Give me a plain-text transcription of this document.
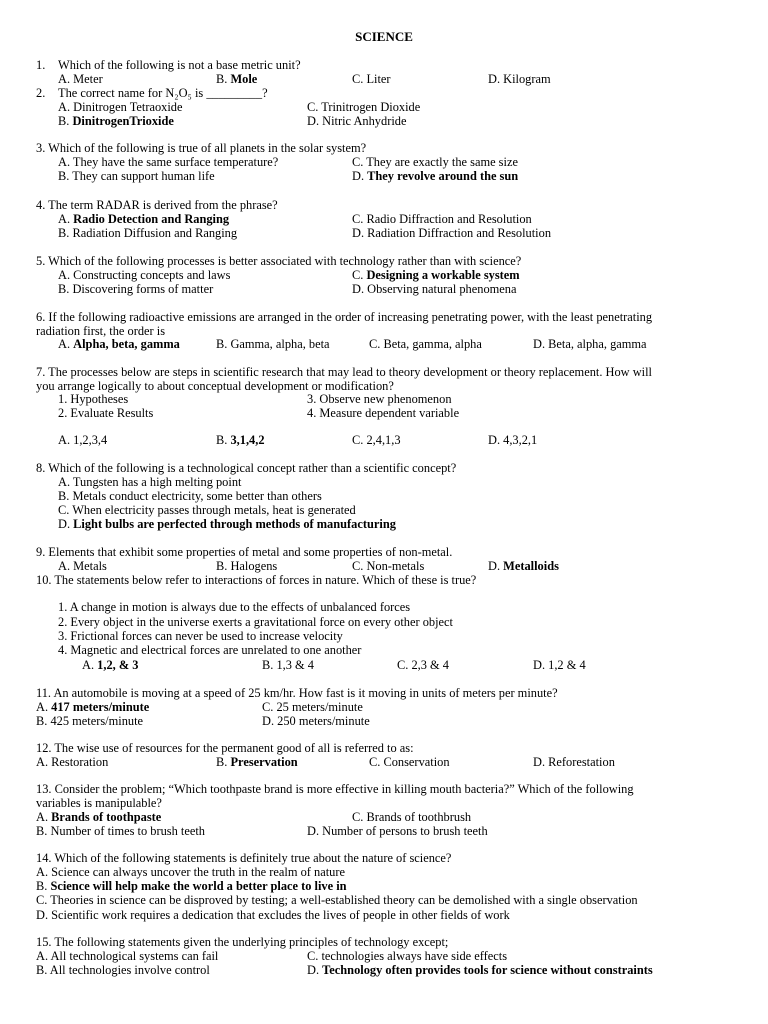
SCIENCE
1. Which of the following is not a base metric unit?
A. Meter	B. Mole	C. Liter	D. Kilogram
2. The correct name for N₂O₅ is _________?
A. Dinitrogen Tetraoxide	C. Trinitrogen Dioxide
B. DinitrogenTrioxide	D. Nitric Anhydride
3. Which of the following is true of all planets in the solar system?
A. They have the same surface temperature?	C. They are exactly the same size
B. They can support human life	D. They revolve around the sun
4. The term RADAR is derived from the phrase?
A. Radio Detection and Ranging	C. Radio Diffraction and Resolution
B. Radiation Diffusion and Ranging	D. Radiation Diffraction and Resolution
5. Which of the following processes is better associated with technology rather than with science?
A. Constructing concepts and laws	C. Designing a workable system
B. Discovering forms of matter	D. Observing natural phenomena
6. If the following radioactive emissions are arranged in the order of increasing penetrating power, with the least penetrating
radiation first, the order is
A. Alpha, beta, gamma	B. Gamma, alpha, beta	C. Beta, gamma, alpha	D. Beta, alpha, gamma
7. The processes below are steps in scientific research that may lead to theory development or theory replacement. How will
you arrange logically to about conceptual development or modification?
1. Hypotheses	3. Observe new phenomenon
2. Evaluate Results	4. Measure dependent variable
A. 1,2,3,4	B. 3,1,4,2	C. 2,4,1,3	D. 4,3,2,1
8. Which of the following is a technological concept rather than a scientific concept?
A. Tungsten has a high melting point
B. Metals conduct electricity, some better than others
C. When electricity passes through metals, heat is generated
D. Light bulbs are perfected through methods of manufacturing
9. Elements that exhibit some properties of metal and some properties of non-metal.
A. Metals	B. Halogens	C. Non-metals	D. Metalloids
10. The statements below refer to interactions of forces in nature. Which of these is true?
1. A change in motion is always due to the effects of unbalanced forces
2. Every object in the universe exerts a gravitational force on every other object
3. Frictional forces can never be used to increase velocity
4. Magnetic and electrical forces are unrelated to one another
A. 1,2, & 3	B. 1,3 & 4	C. 2,3 & 4	D. 1,2 & 4
11. An automobile is moving at a speed of 25 km/hr. How fast is it moving in units of meters per minute?
A. 417 meters/minute	C. 25 meters/minute
B. 425 meters/minute	D. 250 meters/minute
12. The wise use of resources for the permanent good of all is referred to as:
A. Restoration	B. Preservation	C. Conservation	D. Reforestation
13. Consider the problem; “Which toothpaste brand is more effective in killing mouth bacteria?” Which of the following
variables is manipulable?
A. Brands of toothpaste	C. Brands of toothbrush
B. Number of times to brush teeth	D. Number of persons to brush teeth
14. Which of the following statements is definitely true about the nature of science?
A. Science can always uncover the truth in the realm of nature
B. Science will help make the world a better place to live in
C. Theories in science can be disproved by testing; a well-established theory can be demolished with a single observation
D. Scientific work requires a dedication that excludes the lives of people in other fields of work
15. The following statements given the underlying principles of technology except;
A. All technological systems can fail	C. technologies always have side effects
B. All technologies involve control	D. Technology often provides tools for science without constraints
